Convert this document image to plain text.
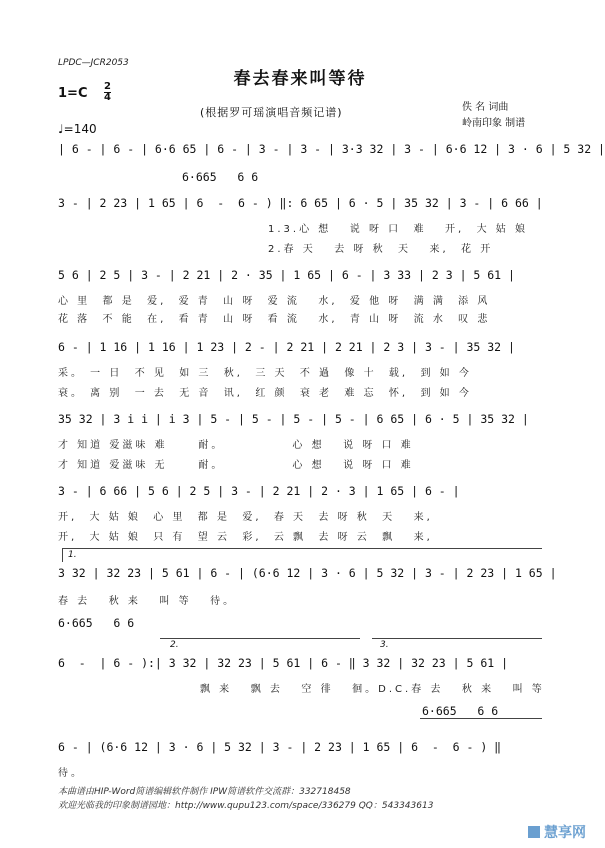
LPDC—JCR2053
春去春来叫等待
1=C 2
4
(根据罗可瑶演唱音频记谱)	佚 名 词曲
岭南印象 制谱
♩=140
| 6 - | 6 - | 6·6 65 | 6 - | 3 - | 3 - | 3·3 32 | 3 - | 6·6 12 | 3 · 6 | 5 32 |
6·665   6 6
3 - | 2 23 | 1 65 | 6  -  6 - ) ‖: 6 65 | 6 · 5 | 35 32 | 3 - | 6 66 |
1.3.心 想   说 呀 口  难   开,  大 姑 娘
2.春 天   去 呀 秋  天   来,  花 开
5 6 | 2 5 | 3 - | 2 21 | 2 · 35 | 1 65 | 6 - | 3 33 | 2 3 | 5 61 |
心 里  都 是  爱,  爱 青  山 呀  爱 流   水,  爱 他 呀  满 满  添 风
花 落  不 能  在,  看 青  山 呀  看 流   水,  青 山 呀  流 水  叹 悲
6 - | 1 16 | 1 16 | 1 23 | 2 - | 2 21 | 2 21 | 2 3 | 3 - | 35 32 |
采。 一 日  不 见  如 三  秋,  三 天  不 過  像 十  载,  到 如 今
衰。 离 别  一 去  无 音  讯,  红 颜  衰 老  难 忘  怀,  到 如 今
35 32 | 3 i i | i 3 | 5 - | 5 - | 5 - | 5 - | 6 65 | 6 · 5 | 35 32 |
才 知道 爱滋味 难     耐。           心 想   说 呀 口 难
才 知道 爱滋味 无     耐。           心 想   说 呀 口 难
3 - | 6 66 | 5 6 | 2 5 | 3 - | 2 21 | 2 · 3 | 1 65 | 6 - |
开,  大 姑 娘  心 里  都 是  爱,  春 天  去 呀 秋  天   来,
开,  大 姑 娘  只 有  望 云  彩,  云 飘  去 呀 云  飘   来,
1.
3 32 | 32 23 | 5 61 | 6 - | (6·6 12 | 3 · 6 | 5 32 | 3 - | 2 23 | 1 65 |
春 去   秋 来   叫 等   待。
6·665   6 6
2.	3.
6  -  | 6 - ):| 3 32 | 32 23 | 5 61 | 6 - ‖ 3 32 | 32 23 | 5 61 |
飘 来   飘 去   空 徘   徊。D.C.春 去   秋 来   叫 等
6·665   6 6
6 - | (6·6 12 | 3 · 6 | 5 32 | 3 - | 2 23 | 1 65 | 6  -  6 - ) ‖
待。
本曲谱由HIP-Word简谱编辑软件制作 IPW简谱软件交流群：332718458
欢迎光临我的印象制谱园地：http://www.qupu123.com/space/336279 QQ：543343613
慧享网
